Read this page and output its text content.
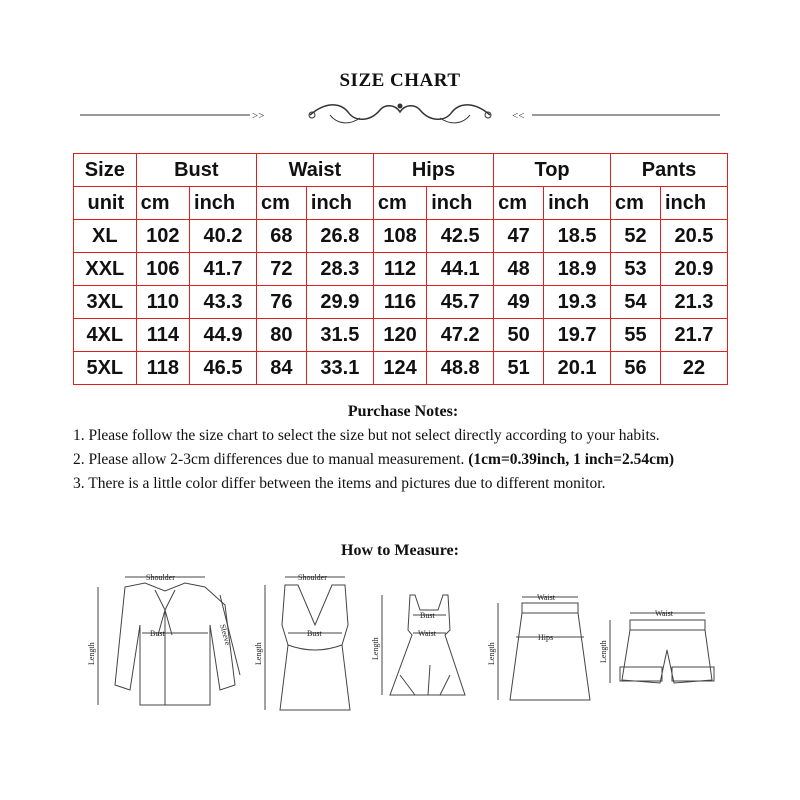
SIZE CHART
>>	<<
Size	Bust		Waist		Hips		Top		Pants	
unit	cm	inch	cm	inch	cm	inch	cm	inch	cm	inch
XL	102	40.2	68	26.8	108	42.5	47	18.5	52	20.5
XXL	106	41.7	72	28.3	112	44.1	48	18.9	53	20.9
3XL	110	43.3	76	29.9	116	45.7	49	19.3	54	21.3
4XL	114	44.9	80	31.5	120	47.2	50	19.7	55	21.7
5XL	118	46.5	84	33.1	124	48.8	51	20.1	56	22
Purchase Notes:

1. Please follow the size chart to select the size but not select directly according to your habits.

2. Please allow 2-3cm differences due to manual measurement. (1cm=0.39inch, 1 inch=2.54cm)

3. There is a little color differ between the items and pictures due to different monitor.

How to Measure:
Shoulder
Bust
Length
Sleeve
Shoulder
Bust
Length
Bust
Waist
Length
Waist
Hips
Length
Waist
Length
